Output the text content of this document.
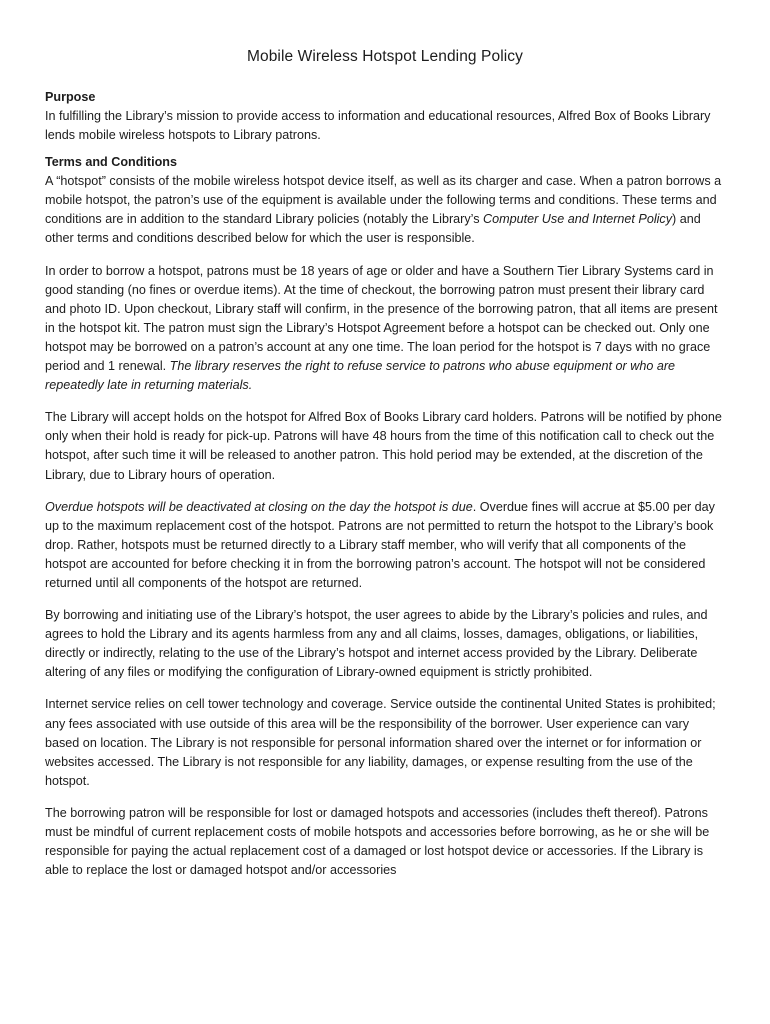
Mobile Wireless Hotspot Lending Policy
Purpose

In fulfilling the Library’s mission to provide access to information and educational resources, Alfred Box of Books Library lends mobile wireless hotspots to Library patrons.

Terms and Conditions

A “hotspot” consists of the mobile wireless hotspot device itself, as well as its charger and case. When a patron borrows a mobile hotspot, the patron’s use of the equipment is available under the following terms and conditions. These terms and conditions are in addition to the standard Library policies (notably the Library’s Computer Use and Internet Policy) and other terms and conditions described below for which the user is responsible.

In order to borrow a hotspot, patrons must be 18 years of age or older and have a Southern Tier Library Systems card in good standing (no fines or overdue items). At the time of checkout, the borrowing patron must present their library card and photo ID. Upon checkout, Library staff will confirm, in the presence of the borrowing patron, that all items are present in the hotspot kit. The patron must sign the Library’s Hotspot Agreement before a hotspot can be checked out. Only one hotspot may be borrowed on a patron’s account at any one time. The loan period for the hotspot is 7 days with no grace period and 1 renewal. The library reserves the right to refuse service to patrons who abuse equipment or who are repeatedly late in returning materials.

The Library will accept holds on the hotspot for Alfred Box of Books Library card holders. Patrons will be notified by phone only when their hold is ready for pick-up. Patrons will have 48 hours from the time of this notification call to check out the hotspot, after such time it will be released to another patron. This hold period may be extended, at the discretion of the Library, due to Library hours of operation.

Overdue hotspots will be deactivated at closing on the day the hotspot is due. Overdue fines will accrue at $5.00 per day up to the maximum replacement cost of the hotspot. Patrons are not permitted to return the hotspot to the Library’s book drop. Rather, hotspots must be returned directly to a Library staff member, who will verify that all components of the hotspot are accounted for before checking it in from the borrowing patron’s account. The hotspot will not be considered returned until all components of the hotspot are returned.

By borrowing and initiating use of the Library’s hotspot, the user agrees to abide by the Library’s policies and rules, and agrees to hold the Library and its agents harmless from any and all claims, losses, damages, obligations, or liabilities, directly or indirectly, relating to the use of the Library’s hotspot and internet access provided by the Library. Deliberate altering of any files or modifying the configuration of Library-owned equipment is strictly prohibited.

Internet service relies on cell tower technology and coverage. Service outside the continental United States is prohibited; any fees associated with use outside of this area will be the responsibility of the borrower. User experience can vary based on location. The Library is not responsible for personal information shared over the internet or for information or websites accessed. The Library is not responsible for any liability, damages, or expense resulting from the use of the hotspot.

The borrowing patron will be responsible for lost or damaged hotspots and accessories (includes theft thereof). Patrons must be mindful of current replacement costs of mobile hotspots and accessories before borrowing, as he or she will be responsible for paying the actual replacement cost of a damaged or lost hotspot device or accessories. If the Library is able to replace the lost or damaged hotspot and/or accessories
